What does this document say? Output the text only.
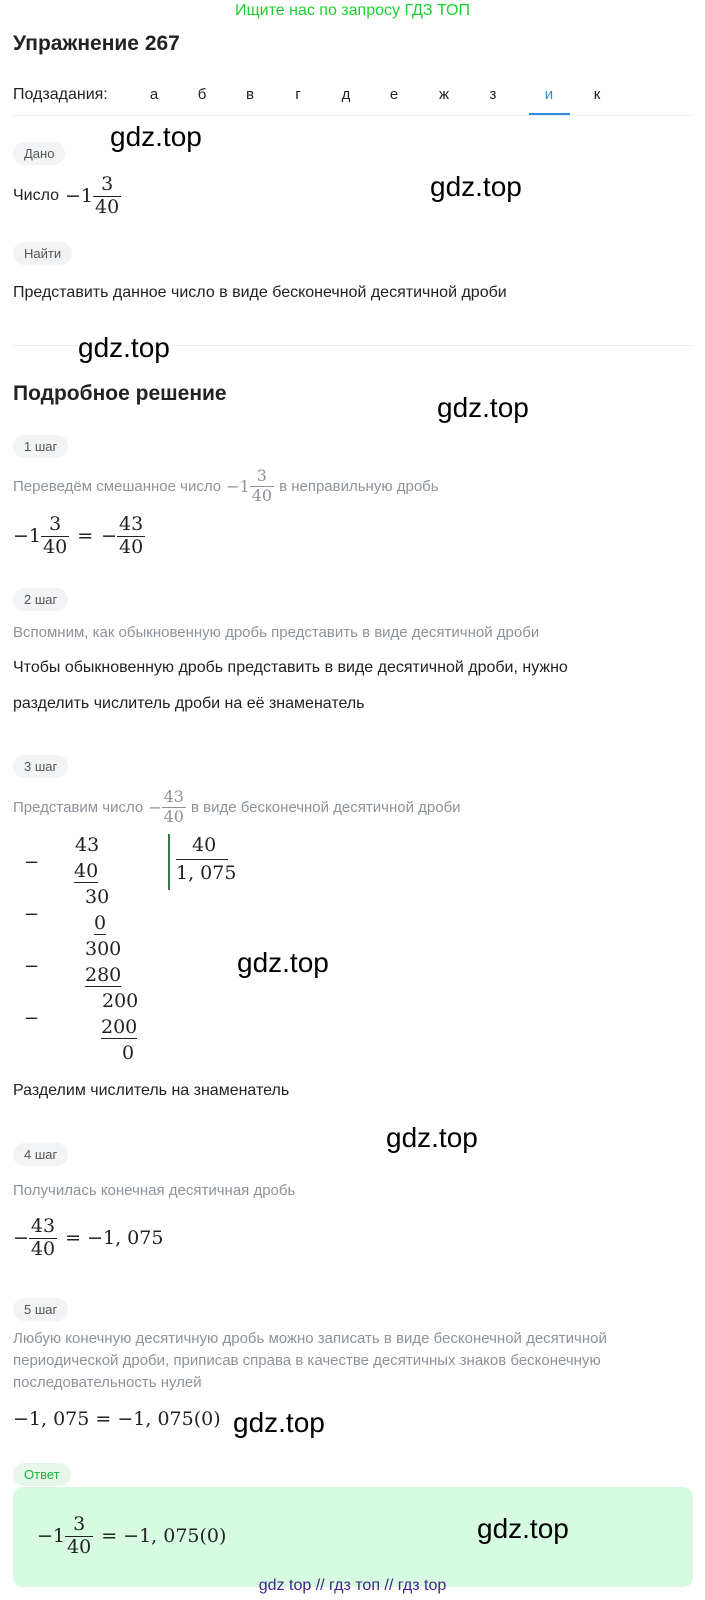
Ищите нас по запросу ГДЗ ТОП
Упражнение 267
Подзадания:	а	б	в	г	д	е	ж	з	и	к
Дано
Число $-1 \frac{3}{40}$
Найти
Представить данное число в виде бесконечной десятичной дроби
Подробное решение
1 шаг
Переведём смешанное число $-1 \frac{3}{40}$ в неправильную дробь
$-1 \frac{3}{40}$ = − $\frac{43}{40}$
2 шаг
Вспомним, как обыкновенную дробь представить в виде десятичной дроби
Чтобы обыкновенную дробь представить в виде десятичной дроби, нужно
разделить числитель дроби на её знаменатель
3 шаг
Представим число − $\frac{43}{40}$ в виде бесконечной десятичной дроби
−
−
−
−
43
40
30
0
300
280
200
200
0
40
1, 075
Разделим числитель на знаменатель
4 шаг
Получилась конечная десятичная дробь
− $\frac{43}{40} = -1$, 075
5 шаг
Любую конечную десятичную дробь можно записать в виде бесконечной десятичной
периодической дроби, приписав справа в качестве десятичных знаков бесконечную
последовательность нулей
−1, 075 = −1, 075(0)
Ответ
$-1 \frac{3}{40} = -1$, 075(0)
gdz.top
gdz.top
gdz.top
gdz.top
gdz.top
gdz.top
gdz.top
gdz.top
gdz top // гдз топ // гдз top
